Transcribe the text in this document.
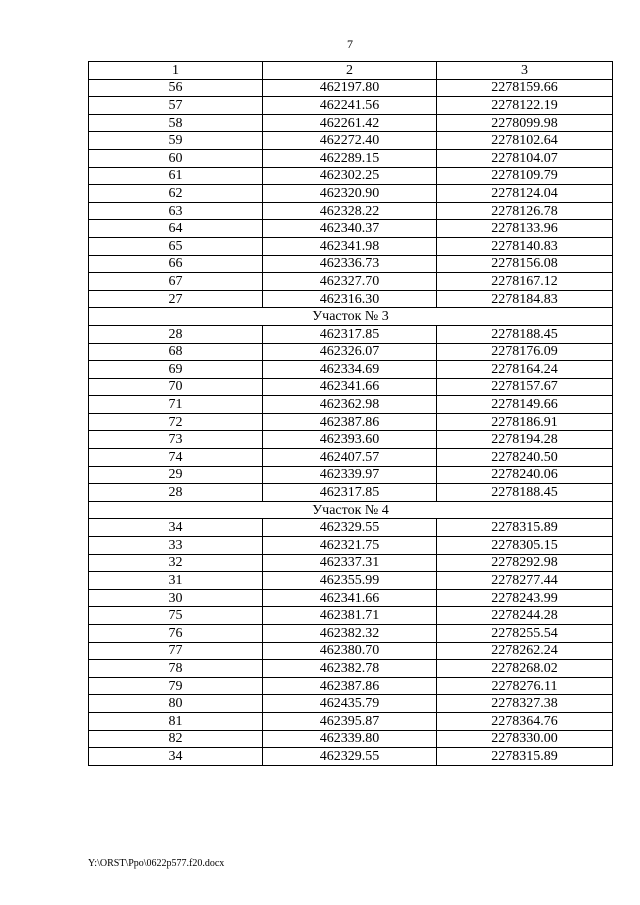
7
1	2	3
56	462197.80	2278159.66
57	462241.56	2278122.19
58	462261.42	2278099.98
59	462272.40	2278102.64
60	462289.15	2278104.07
61	462302.25	2278109.79
62	462320.90	2278124.04
63	462328.22	2278126.78
64	462340.37	2278133.96
65	462341.98	2278140.83
66	462336.73	2278156.08
67	462327.70	2278167.12
27	462316.30	2278184.83
Участок № 3		
28	462317.85	2278188.45
68	462326.07	2278176.09
69	462334.69	2278164.24
70	462341.66	2278157.67
71	462362.98	2278149.66
72	462387.86	2278186.91
73	462393.60	2278194.28
74	462407.57	2278240.50
29	462339.97	2278240.06
28	462317.85	2278188.45
Участок № 4		
34	462329.55	2278315.89
33	462321.75	2278305.15
32	462337.31	2278292.98
31	462355.99	2278277.44
30	462341.66	2278243.99
75	462381.71	2278244.28
76	462382.32	2278255.54
77	462380.70	2278262.24
78	462382.78	2278268.02
79	462387.86	2278276.11
80	462435.79	2278327.38
81	462395.87	2278364.76
82	462339.80	2278330.00
34	462329.55	2278315.89
Y:\ORST\Ppo\0622p577.f20.docx
